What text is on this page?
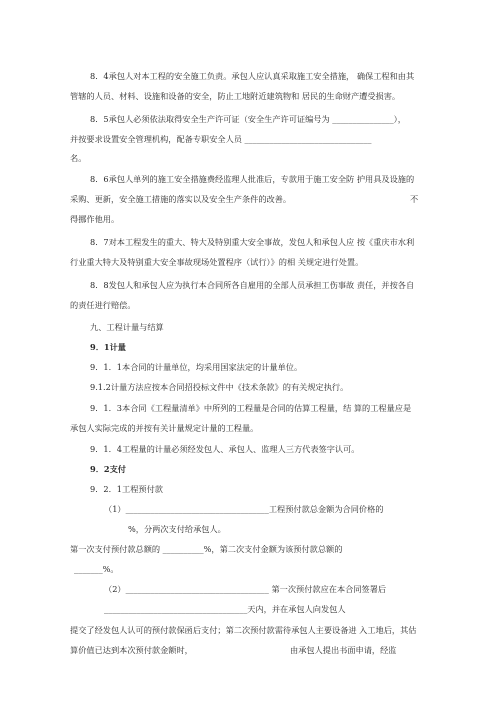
8．4承包人对本工程的安全施工负责。承包人应认真采取施工安全措施， 确保工程和由其
管辖的人员、材料、设施和设备的安全，防止工地附近建筑物和 居民的生命财产遭受损害。
8．5承包人必须依法取得安全生产许可证（安全生产许可证编号为 _______________），
并按要求设置安全管理机构，配备专职安全人员 _______________________________
名。
8．6承包人单列的施工安全措施费经监理人批准后，专款用于施工安全防 护用具及设施的
采购、更新，安全施工措施的落实以及安全生产条件的改善。	不
得挪作他用。
8．7对本工程发生的重大、特大及特别重大安全事故，发包人和承包人应 按《重庆市水利
行业重大特大及特别重大安全事故现场处置程序（试行）》的相 关规定进行处置。
8．8发包人和承包人应为执行本合同所各自雇用的全部人员承担工伤事故 责任，并按各自
的责任进行赔偿。
九、工程计量与结算
9．1计量
9．1．1本合同的计量单位，均采用国家法定的计量单位。
9.1.2计量方法应按本合同招投标文件中《技术条款》的有关规定执行。
9．1．3本合同《工程量清单》中所列的工程量是合同的估算工程量，结 算的工程量应是
承包人实际完成的并按有关计量规定计量的工程量。
9．1．4工程量的计量必须经发包人、承包人、监理人三方代表签字认可。
9．2支付
9．2．1工程预付款
（1）___________________________________工程预付款总金额为合同价格的
%，分两次支付给承包人。
第一次支付预付款总额的 __________%，第二次支付金额为该预付款总额的
_______%。
（2）___________________________________ 第一次预付款应在本合同签署后
___________________________________天内，并在承包人向发包人
提交了经发包人认可的预付款保函后支付；第二次预付款需待承包人主要设备进 入工地后，其估
算价值已达到本次预付款金额时，	由承包人提出书面申请，经监
